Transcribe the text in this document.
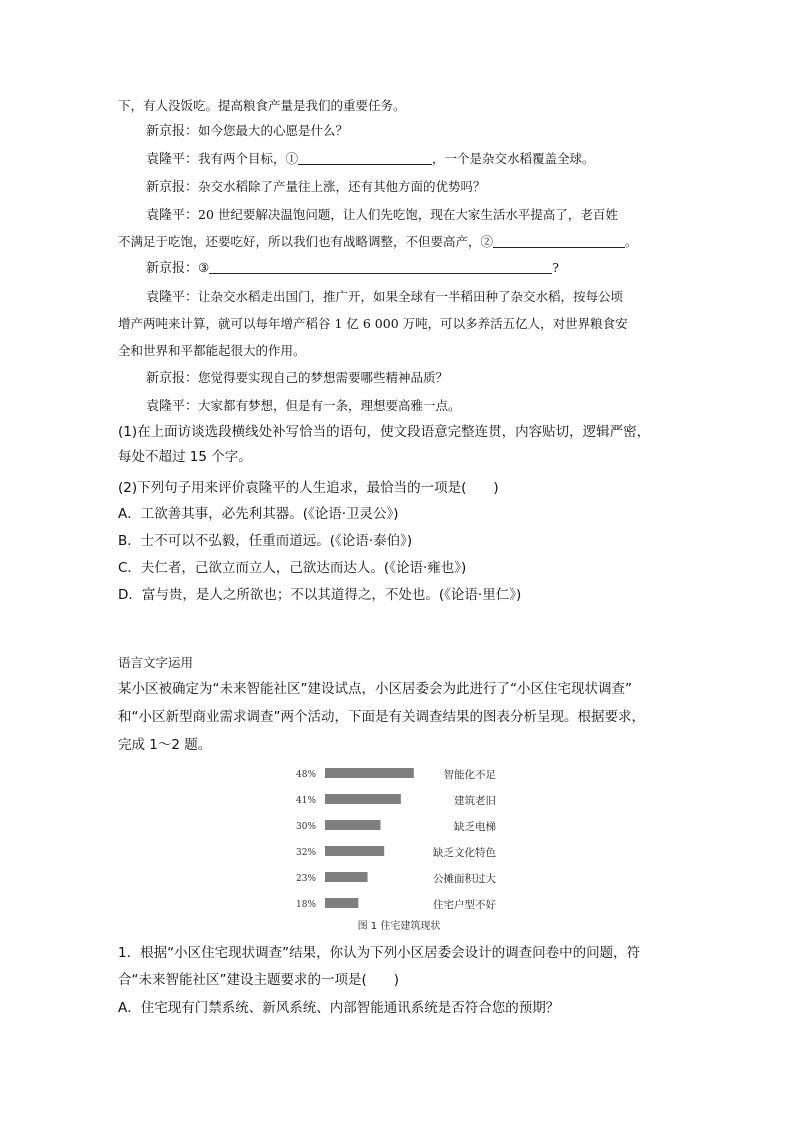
下，有人没饭吃。提高粮食产量是我们的重要任务。
新京报：如今您最大的心愿是什么？
袁隆平：我有两个目标，①	，一个是杂交水稻覆盖全球。
新京报：杂交水稻除了产量往上涨，还有其他方面的优势吗？
袁隆平：20 世纪要解决温饱问题，让人们先吃饱，现在大家生活水平提高了，老百姓
不满足于吃饱，还要吃好，所以我们也有战略调整，不但要高产，②	。
新京报：③	?
袁隆平：让杂交水稻走出国门，推广开，如果全球有一半稻田种了杂交水稻，按每公顷
增产两吨来计算，就可以每年增产稻谷 1 亿 6 000 万吨，可以多养活五亿人，对世界粮食安
全和世界和平都能起很大的作用。
新京报：您觉得要实现自己的梦想需要哪些精神品质？
袁隆平：大家都有梦想，但是有一条，理想要高雅一点。
(1)在上面访谈选段横线处补写恰当的语句，使文段语意完整连贯，内容贴切，逻辑严密，
每处不超过 15 个字。
(2)下列句子用来评价袁隆平的人生追求，最恰当的一项是(　　)
A．工欲善其事，必先利其器。(《论语·卫灵公》)
B．士不可以不弘毅，任重而道远。(《论语·泰伯》)
C．夫仁者，己欲立而立人，己欲达而达人。(《论语·雍也》)
D．富与贵，是人之所欲也；不以其道得之，不处也。(《论语·里仁》)
语言文字运用
某小区被确定为“未来智能社区”建设试点，小区居委会为此进行了“小区住宅现状调查”
和“小区新型商业需求调查”两个活动，下面是有关调查结果的图表分析呈现。根据要求，
完成 1～2 题。
48%	智能化不足
41%	建筑老旧
30%	缺乏电梯
32%	缺乏文化特色
23%	公摊面积过大
18%	住宅户型不好
图 1 住宅建筑现状
1．根据“小区住宅现状调查”结果，你认为下列小区居委会设计的调查问卷中的问题，符
合“未来智能社区”建设主题要求的一项是(　　)
A．住宅现有门禁系统、新风系统、内部智能通讯系统是否符合您的预期？
